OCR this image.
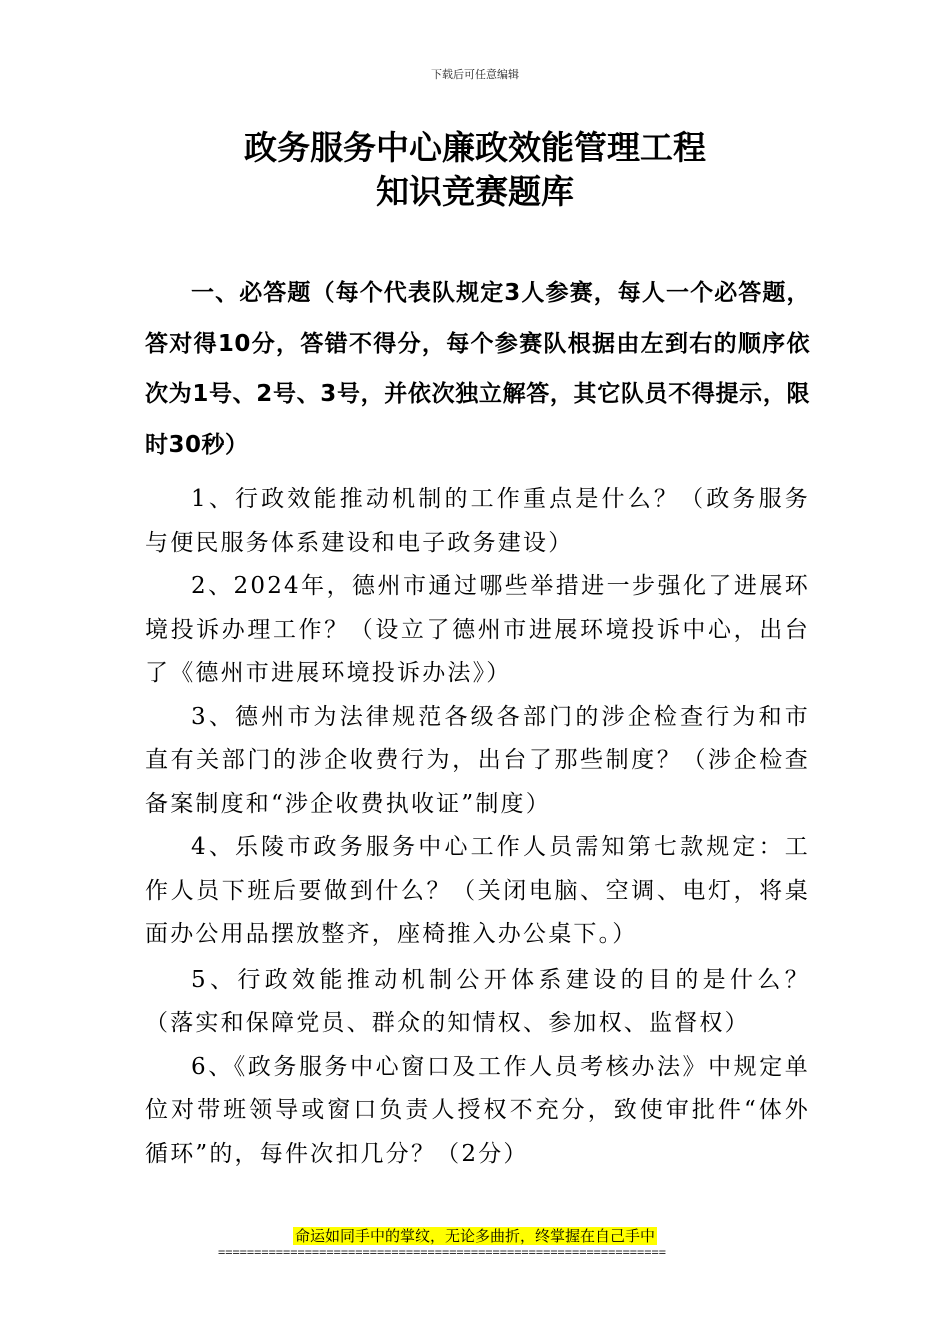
下载后可任意编辑
政务服务中心廉政效能管理工程
知识竞赛题库

一、必答题（每个代表队规定3人参赛，每人一个必答题，答对得10分，答错不得分，每个参赛队根据由左到右的顺序依次为1号、2号、3号，并依次独立解答，其它队员不得提示，限时30秒）

1、行政效能推动机制的工作重点是什么？（政务服务与便民服务体系建设和电子政务建设）

2、2024年，德州市通过哪些举措进一步强化了进展环境投诉办理工作？（设立了德州市进展环境投诉中心，出台了《德州市进展环境投诉办法》）

3、德州市为法律规范各级各部门的涉企检查行为和市直有关部门的涉企收费行为，出台了那些制度？（涉企检查备案制度和“涉企收费执收证”制度）

4、乐陵市政务服务中心工作人员需知第七款规定：工作人员下班后要做到什么？（关闭电脑、空调、电灯，将桌面办公用品摆放整齐，座椅推入办公桌下。）

5、行政效能推动机制公开体系建设的目的是什么？（落实和保障党员、群众的知情权、参加权、监督权）

6、《政务服务中心窗口及工作人员考核办法》中规定单位对带班领导或窗口负责人授权不充分，致使审批件“体外循环”的，每件次扣几分？（2分）

命运如同手中的掌纹，无论多曲折，终掌握在自己手中
==============================================================
